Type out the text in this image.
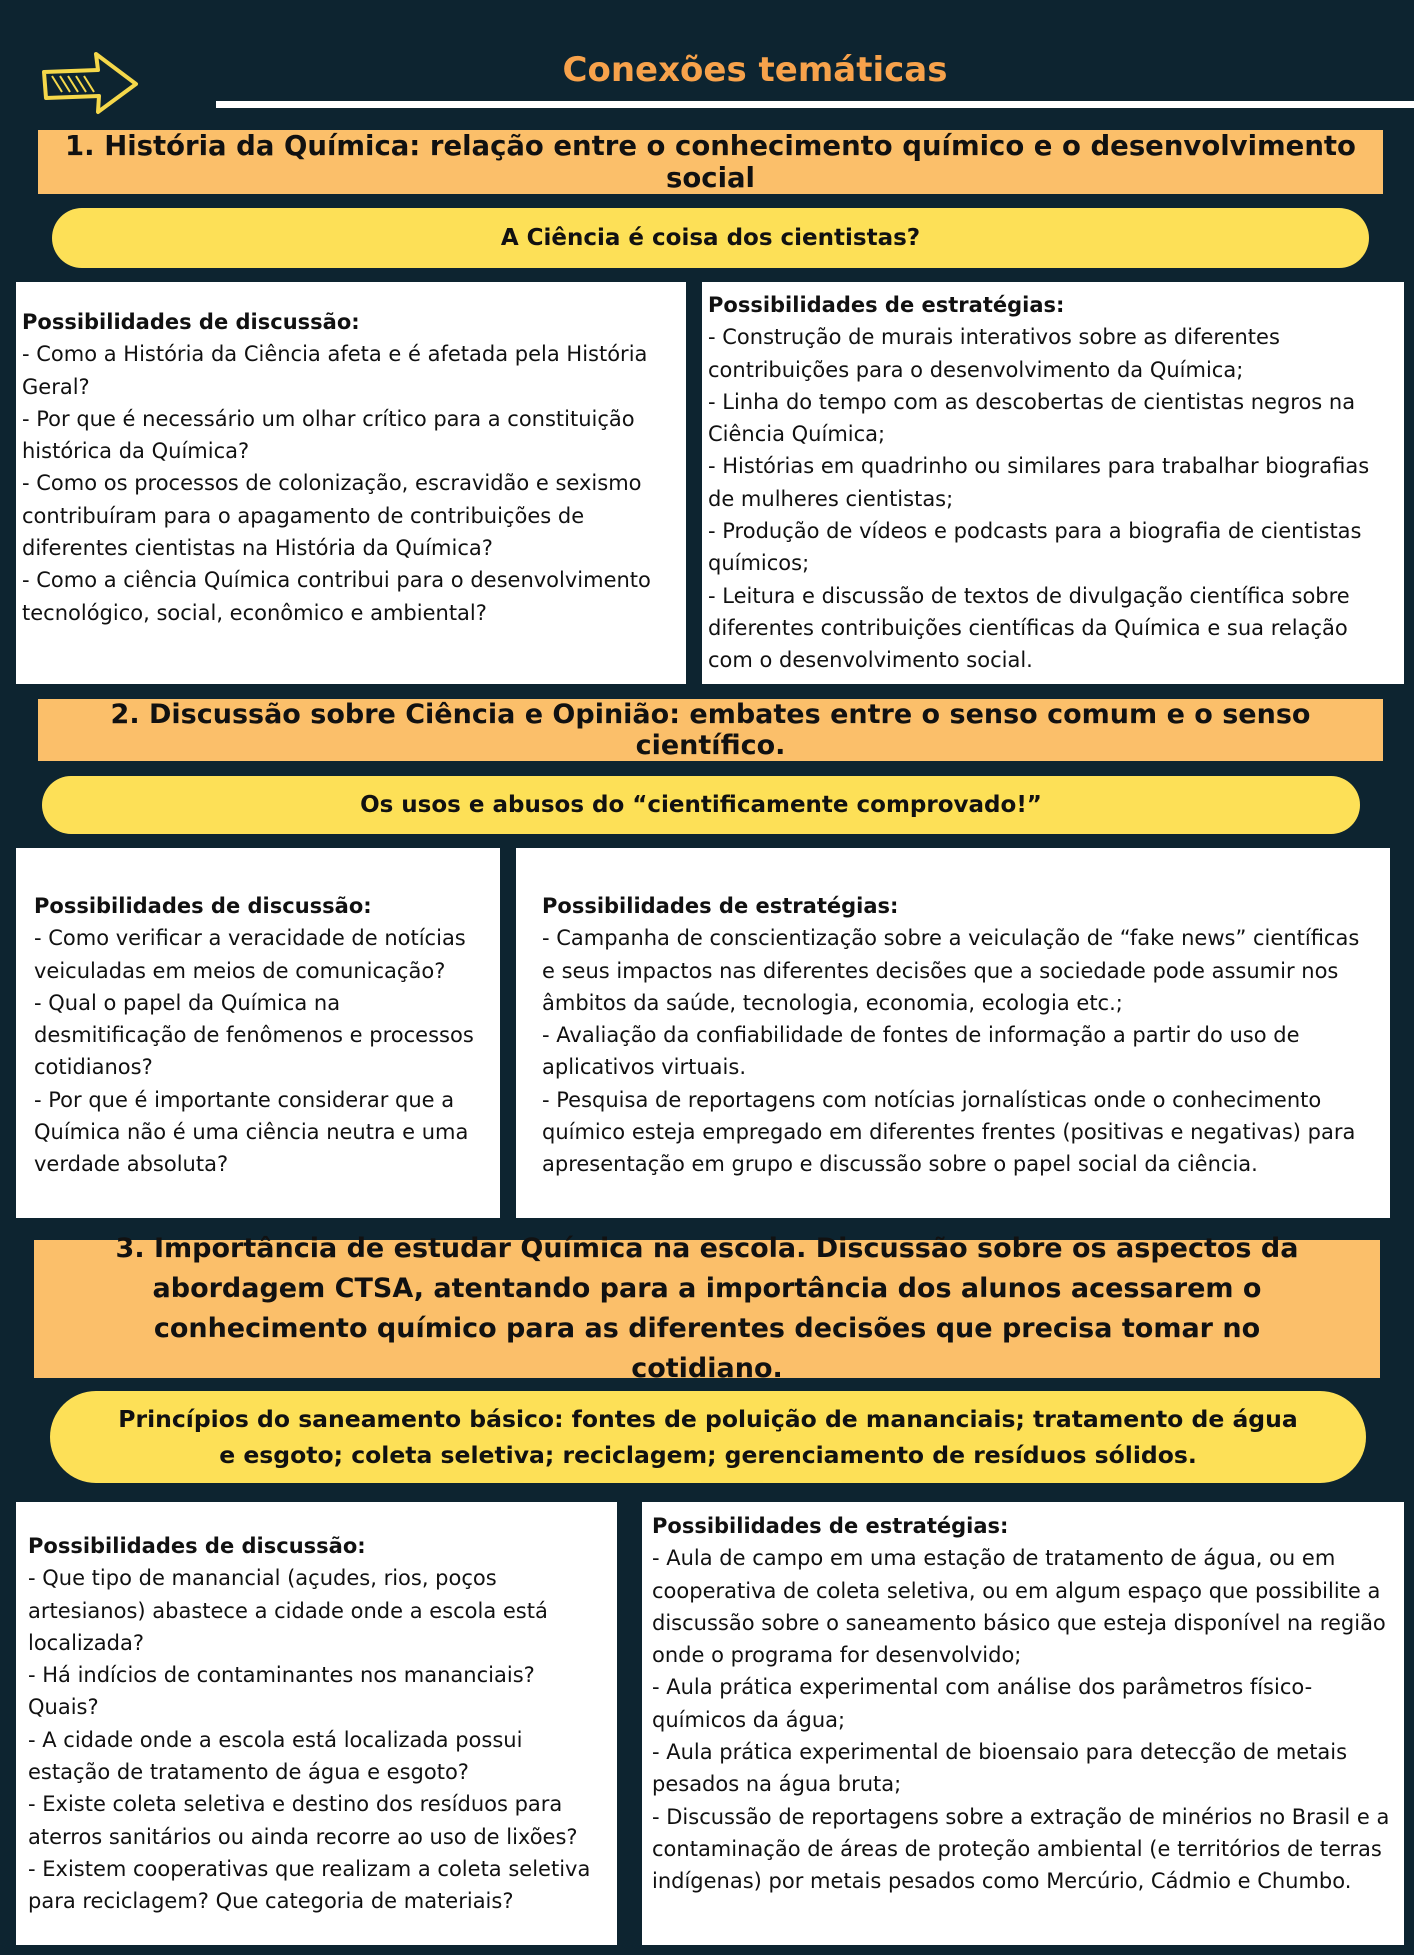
Conexões temáticas
1. História da Química: relação entre o conhecimento químico e o desenvolvimento social
A Ciência é coisa dos cientistas?
Possibilidades de discussão:
- Como a História da Ciência afeta e é afetada pela História Geral?
- Por que é necessário um olhar crítico para a constituição histórica da Química?
- Como os processos de colonização, escravidão e sexismo contribuíram para o apagamento de contribuições de diferentes cientistas na História da Química?
- Como a ciência Química contribui para o desenvolvimento tecnológico, social, econômico e ambiental?
Possibilidades de estratégias:
- Construção de murais interativos sobre as diferentes contribuições para o desenvolvimento da Química;
- Linha do tempo com as descobertas de cientistas negros na Ciência Química;
- Histórias em quadrinho ou similares para trabalhar biografias de mulheres cientistas;
- Produção de vídeos e podcasts para a biografia de cientistas químicos;
- Leitura e discussão de textos de divulgação científica sobre diferentes contribuições científicas da Química e sua relação com o desenvolvimento social.
2. Discussão sobre Ciência e Opinião: embates entre o senso comum e o senso científico.
Os usos e abusos do “cientificamente comprovado!”
Possibilidades de discussão:
- Como verificar a veracidade de notícias veiculadas em meios de comunicação?
- Qual o papel da Química na desmitificação de fenômenos e processos cotidianos?
- Por que é importante considerar que a Química não é uma ciência neutra e uma verdade absoluta?
Possibilidades de estratégias:
- Campanha de conscientização sobre a veiculação de “fake news” científicas e seus impactos nas diferentes decisões que a sociedade pode assumir nos âmbitos da saúde, tecnologia, economia, ecologia etc.;
- Avaliação da confiabilidade de fontes de informação a partir do uso de aplicativos virtuais.
- Pesquisa de reportagens com notícias jornalísticas onde o conhecimento químico esteja empregado em diferentes frentes (positivas e negativas) para apresentação em grupo e discussão sobre o papel social da ciência.
3. Importância de estudar Química na escola. Discussão sobre os aspectos da abordagem CTSA, atentando para a importância dos alunos acessarem o conhecimento químico para as diferentes decisões que precisa tomar no cotidiano.
Princípios do saneamento básico: fontes de poluição de mananciais; tratamento de água e esgoto; coleta seletiva; reciclagem; gerenciamento de resíduos sólidos.
Possibilidades de discussão:
- Que tipo de manancial (açudes, rios, poços artesianos) abastece a cidade onde a escola está localizada?
- Há indícios de contaminantes nos mananciais? Quais?
- A cidade onde a escola está localizada possui estação de tratamento de água e esgoto?
- Existe coleta seletiva e destino dos resíduos para aterros sanitários ou ainda recorre ao uso de lixões?
- Existem cooperativas que realizam a coleta seletiva para reciclagem? Que categoria de materiais?
Possibilidades de estratégias:
- Aula de campo em uma estação de tratamento de água, ou em cooperativa de coleta seletiva, ou em algum espaço que possibilite a discussão sobre o saneamento básico que esteja disponível na região onde o programa for desenvolvido;
- Aula prática experimental com análise dos parâmetros físico-químicos da água;
- Aula prática experimental de bioensaio para detecção de metais pesados na água bruta;
- Discussão de reportagens sobre a extração de minérios no Brasil e a contaminação de áreas de proteção ambiental (e territórios de terras indígenas) por metais pesados como Mercúrio, Cádmio e Chumbo.
